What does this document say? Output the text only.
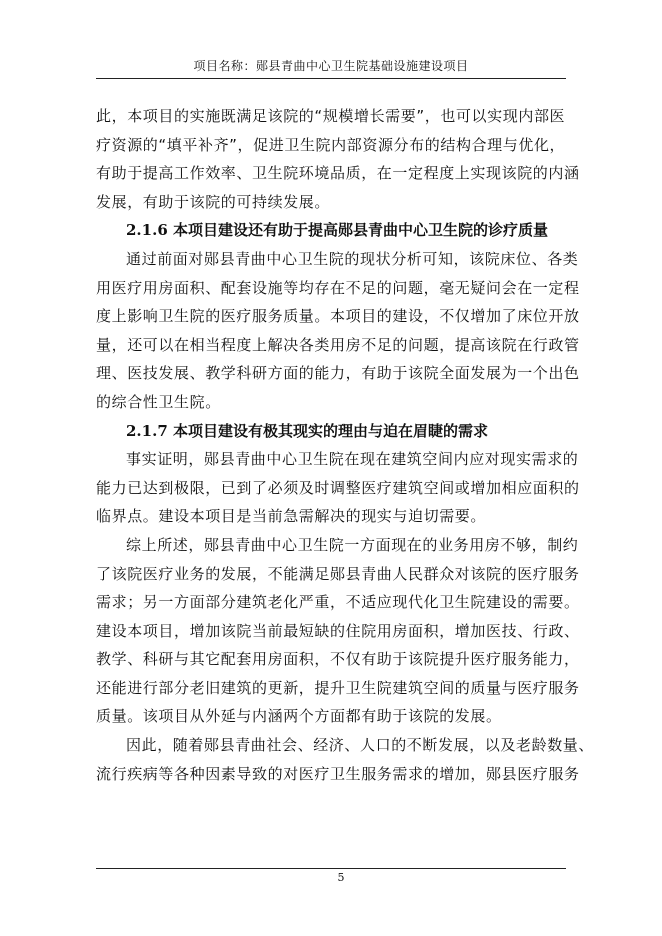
项目名称：郧县青曲中心卫生院基础设施建设项目
此，本项目的实施既满足该院的“规模增长需要”，也可以实现内部医
疗资源的“填平补齐”，促进卫生院内部资源分布的结构合理与优化，
有助于提高工作效率、卫生院环境品质，在一定程度上实现该院的内涵
发展，有助于该院的可持续发展。
2.1.6 本项目建设还有助于提高郧县青曲中心卫生院的诊疗质量
通过前面对郧县青曲中心卫生院的现状分析可知，该院床位、各类
用医疗用房面积、配套设施等均存在不足的问题，毫无疑问会在一定程
度上影响卫生院的医疗服务质量。本项目的建设，不仅增加了床位开放
量，还可以在相当程度上解决各类用房不足的问题，提高该院在行政管
理、医技发展、教学科研方面的能力，有助于该院全面发展为一个出色
的综合性卫生院。
2.1.7 本项目建设有极其现实的理由与迫在眉睫的需求
事实证明，郧县青曲中心卫生院在现在建筑空间内应对现实需求的
能力已达到极限，已到了必须及时调整医疗建筑空间或增加相应面积的
临界点。建设本项目是当前急需解决的现实与迫切需要。
综上所述，郧县青曲中心卫生院一方面现在的业务用房不够，制约
了该院医疗业务的发展，不能满足郧县青曲人民群众对该院的医疗服务
需求；另一方面部分建筑老化严重，不适应现代化卫生院建设的需要。
建设本项目，增加该院当前最短缺的住院用房面积，增加医技、行政、
教学、科研与其它配套用房面积，不仅有助于该院提升医疗服务能力，
还能进行部分老旧建筑的更新，提升卫生院建筑空间的质量与医疗服务
质量。该项目从外延与内涵两个方面都有助于该院的发展。
因此，随着郧县青曲社会、经济、人口的不断发展，以及老龄数量、
流行疾病等各种因素导致的对医疗卫生服务需求的增加，郧县医疗服务
5
